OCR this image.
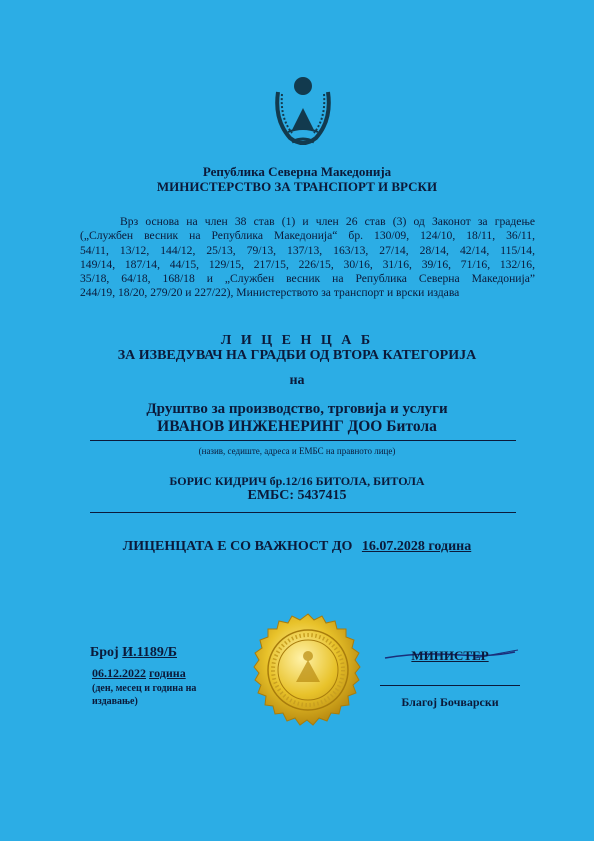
Република Северна Македонија
МИНИСТЕРСТВО ЗА ТРАНСПОРТ И ВРСКИ
Врз основа на член 38 став (1) и член 26 став (3) од Законот за градење
(„Службен весник на Република Македонија“ бр. 130/09, 124/10, 18/11, 36/11,
54/11, 13/12, 144/12, 25/13, 79/13, 137/13, 163/13, 27/14, 28/14, 42/14, 115/14,
149/14, 187/14, 44/15, 129/15, 217/15, 226/15, 30/16, 31/16, 39/16, 71/16, 132/16,
35/18, 64/18, 168/18 и „Службен весник на Република Северна Македонија”
244/19, 18/20, 279/20 и 227/22), Министерството за транспорт и врски издава
Л И Ц Е Н Ц А Б
ЗА ИЗВЕДУВАЧ НА ГРАДБИ ОД ВТОРА КАТЕГОРИЈА
на
Друштво за производство, трговија и услуги
ИВАНОВ ИНЖЕНЕРИНГ ДОО Битола
(назив, седиште, адреса и ЕМБС на правното лице)
БОРИС КИДРИЧ бр.12/16 БИТОЛА, БИТОЛА
ЕМБС: 5437415
ЛИЦЕНЦАТА Е СО ВАЖНОСТ ДО 16.07.2028 година
Број И.1189/Б
06.12.2022 година
(ден, месец и година на издавање)
МИНИСТЕР
Благој Бочварски
